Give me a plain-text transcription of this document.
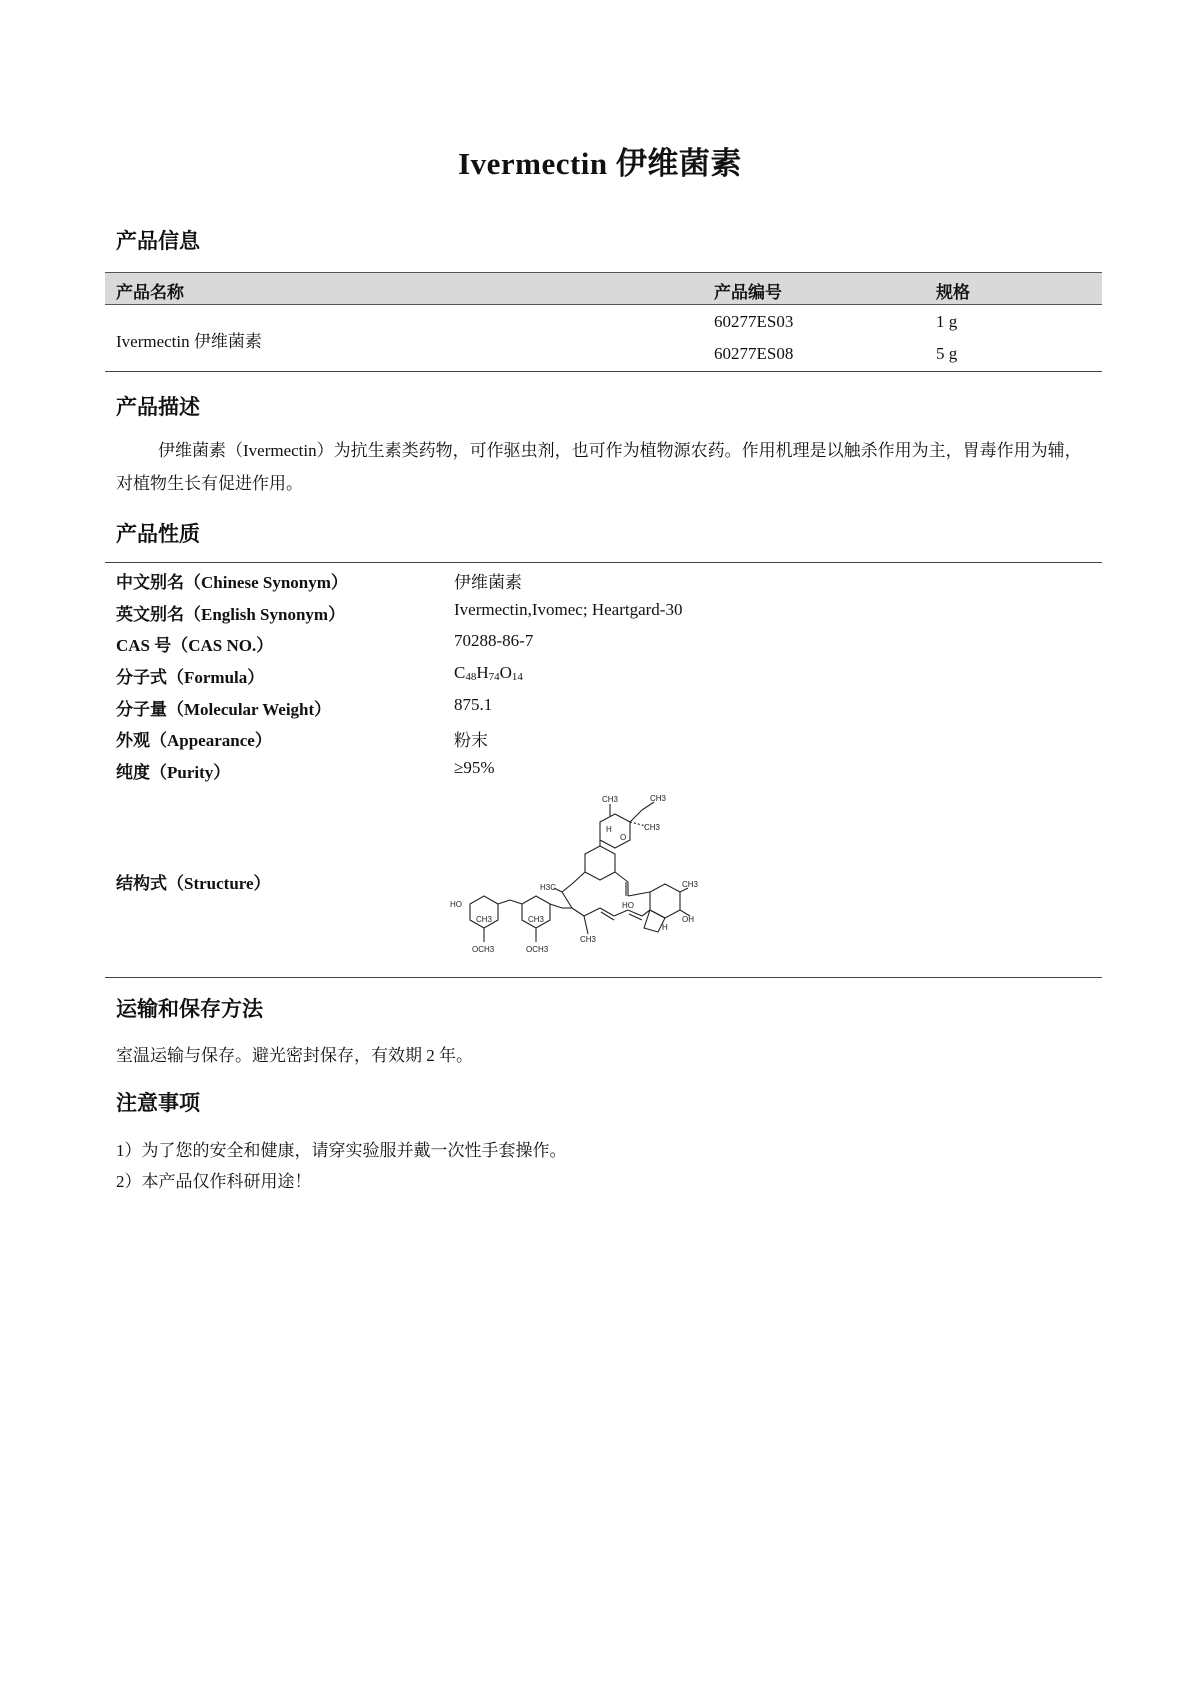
Ivermectin 伊维菌素
产品信息
产品名称	产品编号	规格
Ivermectin 伊维菌素
60277ES03	1 g
60277ES08	5 g
产品描述
伊维菌素（Ivermectin）为抗生素类药物，可作驱虫剂，也可作为植物源农药。作用机理是以触杀作用为主，胃毒作用为辅，对植物生长有促进作用。
产品性质
中文别名（Chinese Synonym）	伊维菌素
英文别名（English Synonym）	Ivermectin,Ivomec; Heartgard-30
CAS 号（CAS NO.）	70288-86-7
分子式（Formula）	$C_{48}H_{74}O_{14}$
分子量（Molecular Weight）	875.1
外观（Appearance）	粉末
纯度（Purity）	≥95%
结构式（Structure）
CH3	CH3
CH3
H
O
H3C
HO
CH3
OH
H
HO
CH3	CH3
CH3
OCH3	OCH3
运输和保存方法
室温运输与保存。避光密封保存，有效期 2 年。
注意事项
1）为了您的安全和健康，请穿实验服并戴一次性手套操作。
2）本产品仅作科研用途！
